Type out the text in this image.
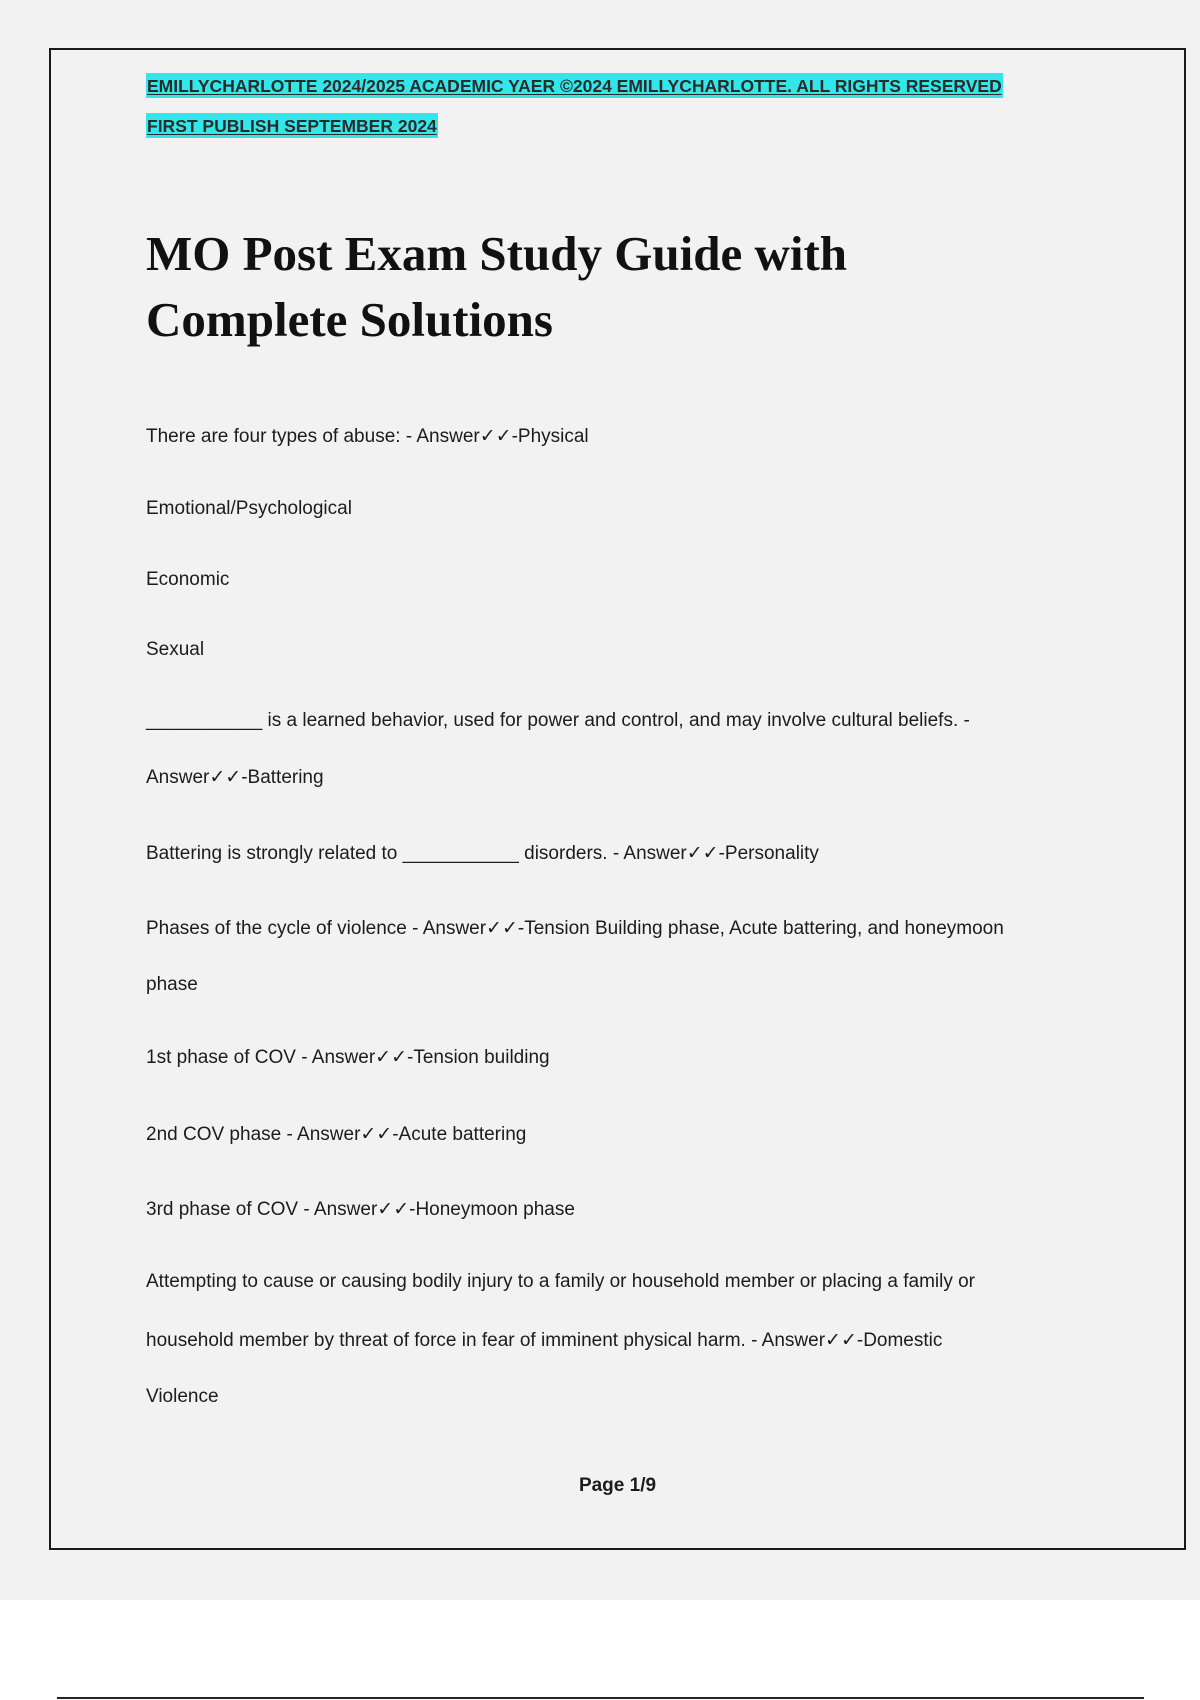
EMILLYCHARLOTTE 2024/2025 ACADEMIC YAER ©2024 EMILLYCHARLOTTE. ALL RIGHTS RESERVED

FIRST PUBLISH SEPTEMBER 2024

MO Post Exam Study Guide with
Complete Solutions

There are four types of abuse: - Answer✓✓-Physical

Emotional/Psychological

Economic

Sexual

___________ is a learned behavior, used for power and control, and may involve cultural beliefs. -

Answer✓✓-Battering

Battering is strongly related to ___________ disorders. - Answer✓✓-Personality

Phases of the cycle of violence - Answer✓✓-Tension Building phase, Acute battering, and honeymoon

phase

1st phase of COV - Answer✓✓-Tension building

2nd COV phase - Answer✓✓-Acute battering

3rd phase of COV - Answer✓✓-Honeymoon phase

Attempting to cause or causing bodily injury to a family or household member or placing a family or

household member by threat of force in fear of imminent physical harm. - Answer✓✓-Domestic

Violence

Page 1/9
